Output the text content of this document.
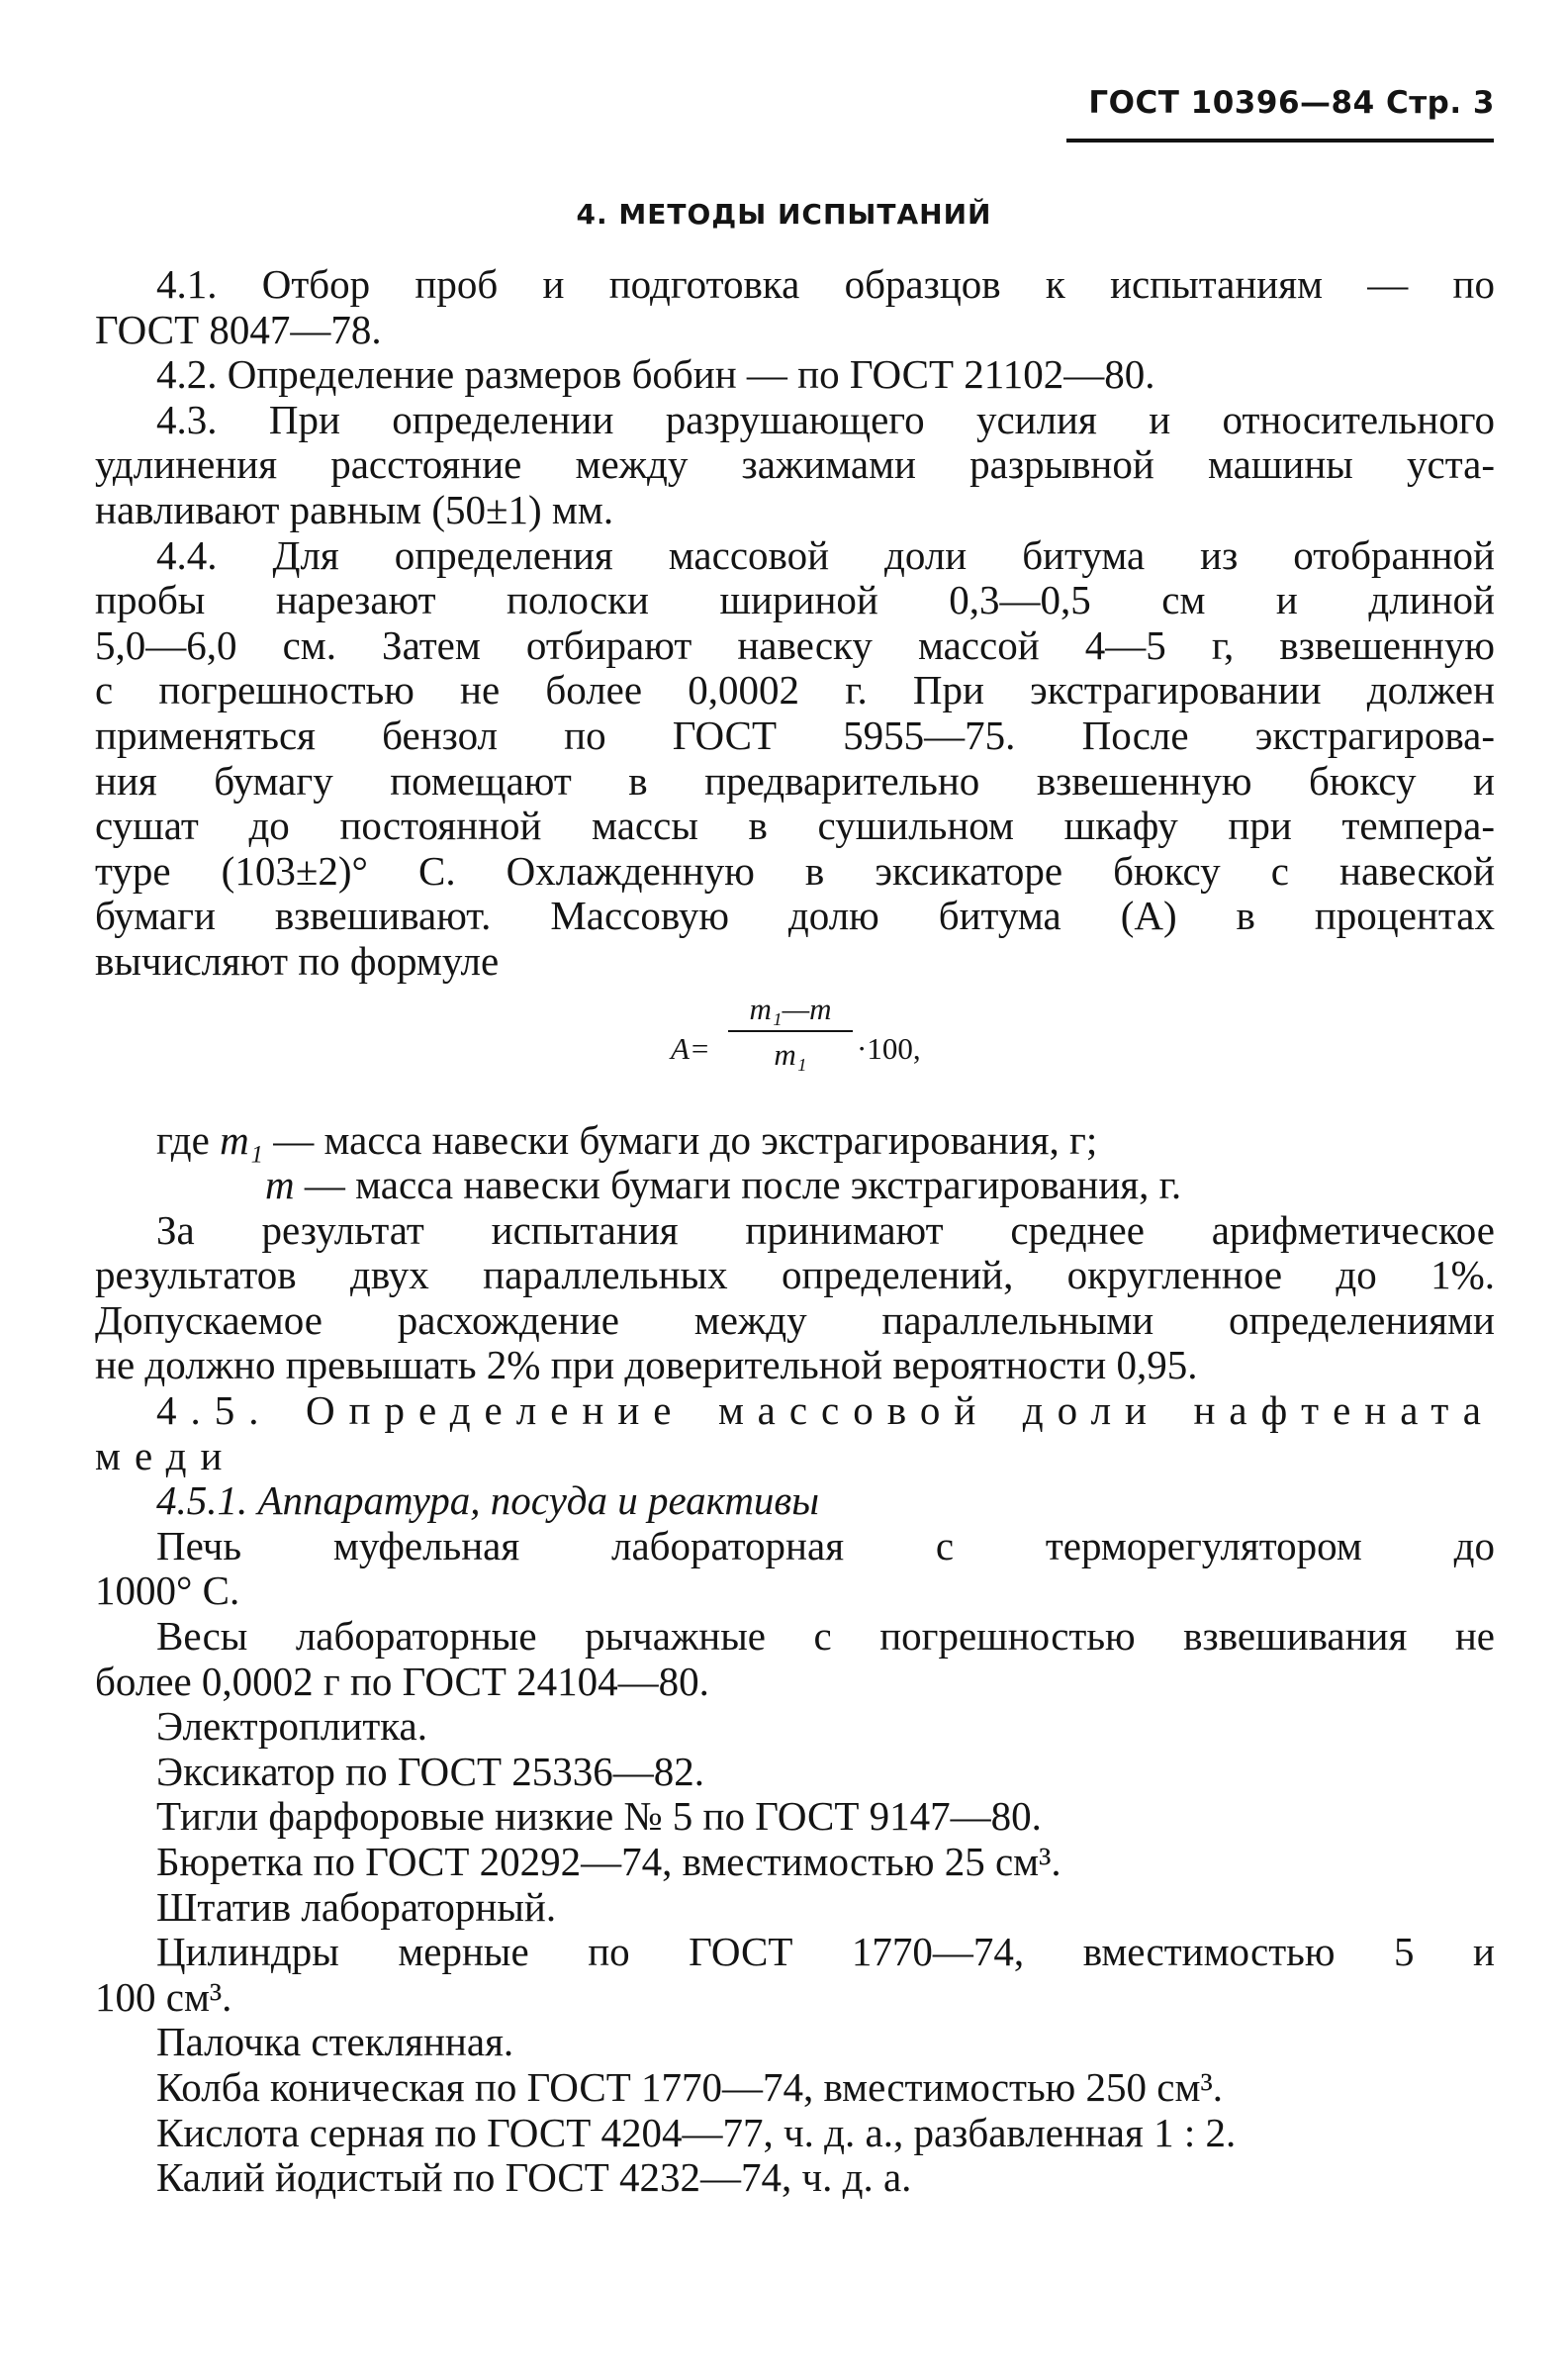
ГОСТ 10396—84 Стр. 3
4. МЕТОДЫ ИСПЫТАНИЙ

4.1. Отбор проб и подготовка образцов к испытаниям — по

ГОСТ 8047—78.

4.2. Определение размеров бобин — по ГОСТ 21102—80.

4.3. При определении разрушающего усилия и относительного

удлинения расстояние между зажимами разрывной машины уста-

навливают равным (50±1) мм.

4.4. Для определения массовой доли битума из отобранной

пробы нарезают полоски шириной 0,3—0,5 см и длиной

5,0—6,0 см. Затем отбирают навеску массой 4—5 г, взвешенную

с погрешностью не более 0,0002 г. При экстрагировании должен

применяться бензол по ГОСТ 5955—75. После экстрагирова-

ния бумагу помещают в предварительно взвешенную бюксу и

сушат до постоянной массы в сушильном шкафу при темпера-

туре (103±2)° С. Охлажденную в эксикаторе бюксу с навеской

бумаги взвешивают. Массовую долю битума (A) в процентах

вычисляют по формуле

A=
m₁—m
m₁	·100,

где m₁ — масса навески бумаги до экстрагирования, г;

m — масса навески бумаги после экстрагирования, г.

За результат испытания принимают среднее арифметическое

результатов двух параллельных определений, округленное до 1%.

Допускаемое расхождение между параллельными определениями

не должно превышать 2% при доверительной вероятности 0,95.

4.5. Определение массовой доли нафтената

меди

4.5.1. Аппаратура, посуда и реактивы

Печь муфельная лабораторная с терморегулятором до

1000° С.

Весы лабораторные рычажные с погрешностью взвешивания не

более 0,0002 г по ГОСТ 24104—80.

Электроплитка.

Эксикатор по ГОСТ 25336—82.

Тигли фарфоровые низкие № 5 по ГОСТ 9147—80.

Бюретка по ГОСТ 20292—74, вместимостью 25 см³.

Штатив лабораторный.

Цилиндры мерные по ГОСТ 1770—74, вместимостью 5 и

100 см³.

Палочка стеклянная.

Колба коническая по ГОСТ 1770—74, вместимостью 250 см³.

Кислота серная по ГОСТ 4204—77, ч. д. а., разбавленная 1 : 2.

Калий йодистый по ГОСТ 4232—74, ч. д. а.
